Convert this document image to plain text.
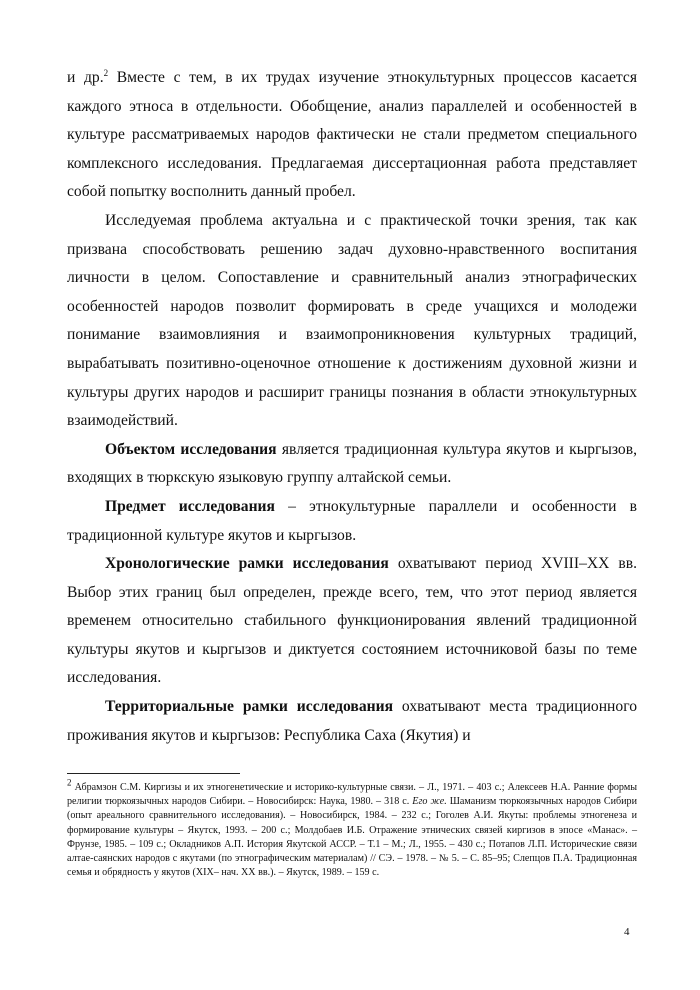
и др.$^2$ Вместе с тем, в их трудах изучение этнокультурных процессов касается каждого этноса в отдельности. Обобщение, анализ параллелей и особенностей в культуре рассматриваемых народов фактически не стали предметом специального комплексного исследования. Предлагаемая диссертационная работа представляет собой попытку восполнить данный пробел.

Исследуемая проблема актуальна и с практической точки зрения, так как призвана способствовать решению задач духовно-нравственного воспитания личности в целом. Сопоставление и сравнительный анализ этнографических особенностей народов позволит формировать в среде учащихся и молодежи понимание взаимовлияния и взаимопроникновения культурных традиций, вырабатывать позитивно-оценочное отношение к достижениям духовной жизни и культуры других народов и расширит границы познания в области этнокультурных взаимодействий.

Объектом исследования является традиционная культура якутов и кыргызов, входящих в тюркскую языковую группу алтайской семьи.

Предмет исследования – этнокультурные параллели и особенности в традиционной культуре якутов и кыргызов.

Хронологические рамки исследования охватывают период XVIII–XX вв. Выбор этих границ был определен, прежде всего, тем, что этот период является временем относительно стабильного функционирования явлений традиционной культуры якутов и кыргызов и диктуется состоянием источниковой базы по теме исследования.

Территориальные рамки исследования охватывают места традиционного проживания якутов и кыргызов: Республика Саха (Якутия) и

$^2$ Абрамзон С.М. Киргизы и их этногенетические и историко-культурные связи. – Л., 1971. – 403 с.; Алексеев Н.А. Ранние формы религии тюркоязычных народов Сибири. – Новосибирск: Наука, 1980. – 318 с. Его же. Шаманизм тюркоязычных народов Сибири (опыт ареального сравнительного исследования). – Новосибирск, 1984. – 232 с.; Гоголев А.И. Якуты: проблемы этногенеза и формирование культуры – Якутск, 1993. – 200 с.; Молдобаев И.Б. Отражение этнических связей киргизов в эпосе «Манас». – Фрунзе, 1985. – 109 с.; Окладников А.П. История Якутской АССР. – Т.1 – М.; Л., 1955. – 430 с.; Потапов Л.П. Исторические связи алтае-саянских народов с якутами (по этнографическим материалам) // СЭ. – 1978. – № 5. – С. 85–95; Слепцов П.А. Традиционная семья и обрядность у якутов (XIX– нач. XX вв.). – Якутск, 1989. – 159 с.
4
